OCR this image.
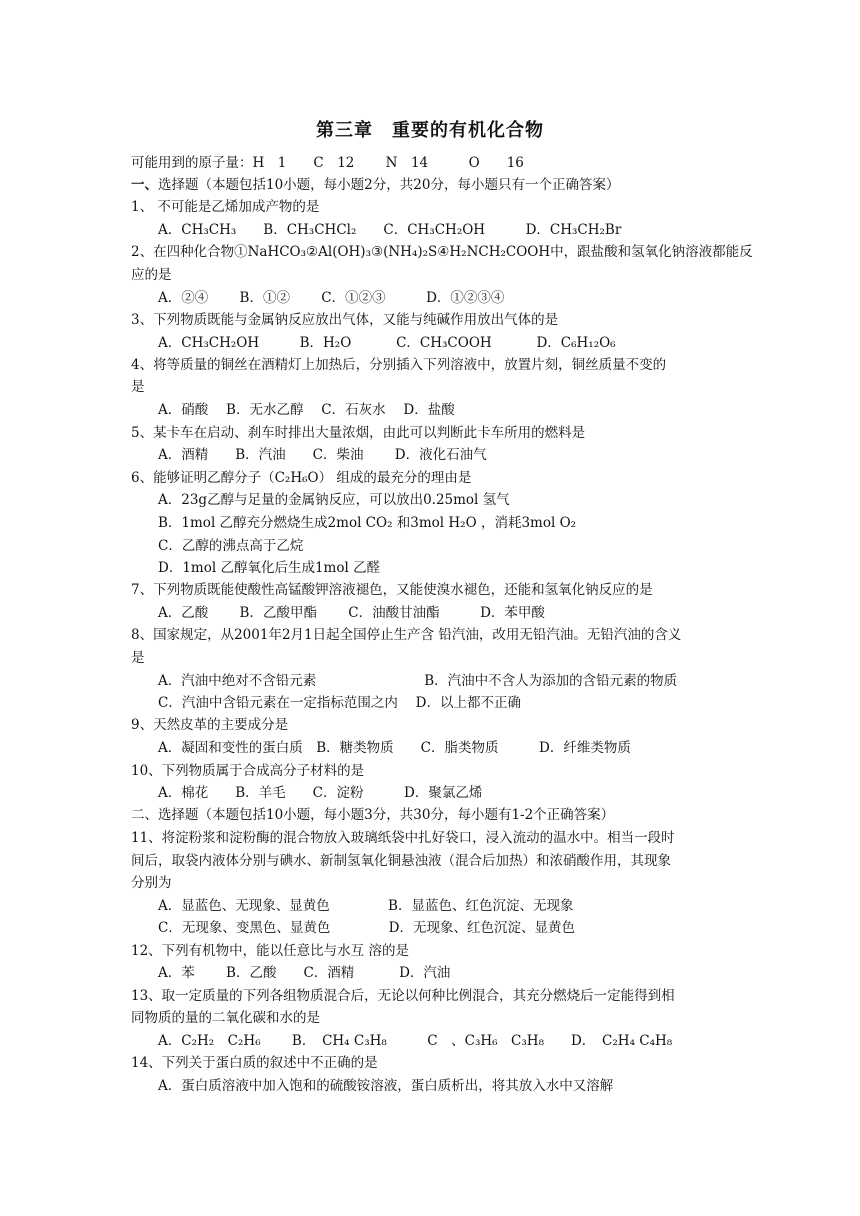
第三章　重要的有机化合物
可能用到的原子量：H　1　　C　12　　 N　14　　　O　　16
一、选择题（本题包括10小题，每小题2分，共20分，每小题只有一个正确答案）
1、 不可能是乙烯加成产物的是
A．CH₃CH₃　　B．CH₃CHCl₂　　C．CH₃CH₂OH　　　D．CH₃CH₂Br
2、在四种化合物①NaHCO₃②Al(OH)₃③(NH₄)₂S④H₂NCH₂COOH中，跟盐酸和氢氧化钠溶液都能反
应的是
A．②④　　 B．①②　　 C．①②③　　　D．①②③④
3、下列物质既能与金属钠反应放出气体，又能与纯碱作用放出气体的是
A．CH₃CH₂OH　　　B．H₂O　　　 C．CH₃COOH　　　 D．C₆H₁₂O₆
4、将等质量的铜丝在酒精灯上加热后，分别插入下列溶液中，放置片刻，铜丝质量不变的
是
A．硝酸　 B．无水乙醇　 C．石灰水　 D．盐酸
5、某卡车在启动、刹车时排出大量浓烟，由此可以判断此卡车所用的燃料是
A．酒精　　B．汽油　　C．柴油　　 D．液化石油气
6、能够证明乙醇分子（C₂H₆O） 组成的最充分的理由是
A．23g乙醇与足量的金属钠反应，可以放出0.25mol 氢气
B．1mol 乙醇充分燃烧生成2mol CO₂ 和3mol H₂O ，消耗3mol O₂
C．乙醇的沸点高于乙烷
D．1mol 乙醇氧化后生成1mol 乙醛
7、下列物质既能使酸性高锰酸钾溶液褪色，又能使溴水褪色，还能和氢氧化钠反应的是
A．乙酸　　 B．乙酸甲酯　　 C．油酸甘油酯　　　D．苯甲酸
8、国家规定，从2001年2月1日起全国停止生产含 铅汽油，改用无铅汽油。无铅汽油的含义
是
A．汽油中绝对不含铅元素　　　　　　　　B．汽油中不含人为添加的含铅元素的物质
C．汽油中含铅元素在一定指标范围之内　 D．以上都不正确
9、天然皮革的主要成分是
A．凝固和变性的蛋白质　B．糖类物质　　C．脂类物质　　　D．纤维类物质
10、下列物质属于合成高分子材料的是
A．棉花　　B．羊毛　　C．淀粉　　　D．聚氯乙烯
二、选择题（本题包括10小题，每小题3分，共30分，每小题有1-2个正确答案）
11、将淀粉浆和淀粉酶的混合物放入玻璃纸袋中扎好袋口，浸入流动的温水中。相当一段时
间后，取袋内液体分别与碘水、新制氢氧化铜悬浊液（混合后加热）和浓硝酸作用，其现象
分别为
A．显蓝色、无现象、显黄色　　　　 B．显蓝色、红色沉淀、无现象
C．无现象、变黑色、显黄色　　　　 D．无现象、红色沉淀、显黄色
12、下列有机物中，能以任意比与水互 溶的是
A．苯　　 B．乙酸　　C．酒精　　　 D．汽油
13、取一定质量的下列各组物质混合后，无论以何种比例混合，其充分燃烧后一定能得到相
同物质的量的二氧化碳和水的是
A．C₂H₂　C₂H₆　　 B．　CH₄ C₃H₈　　　C　、C₃H₆　C₃H₈　　D．　C₂H₄ C₄H₈
14、下列关于蛋白质的叙述中不正确的是
A．蛋白质溶液中加入饱和的硫酸铵溶液，蛋白质析出，将其放入水中又溶解
